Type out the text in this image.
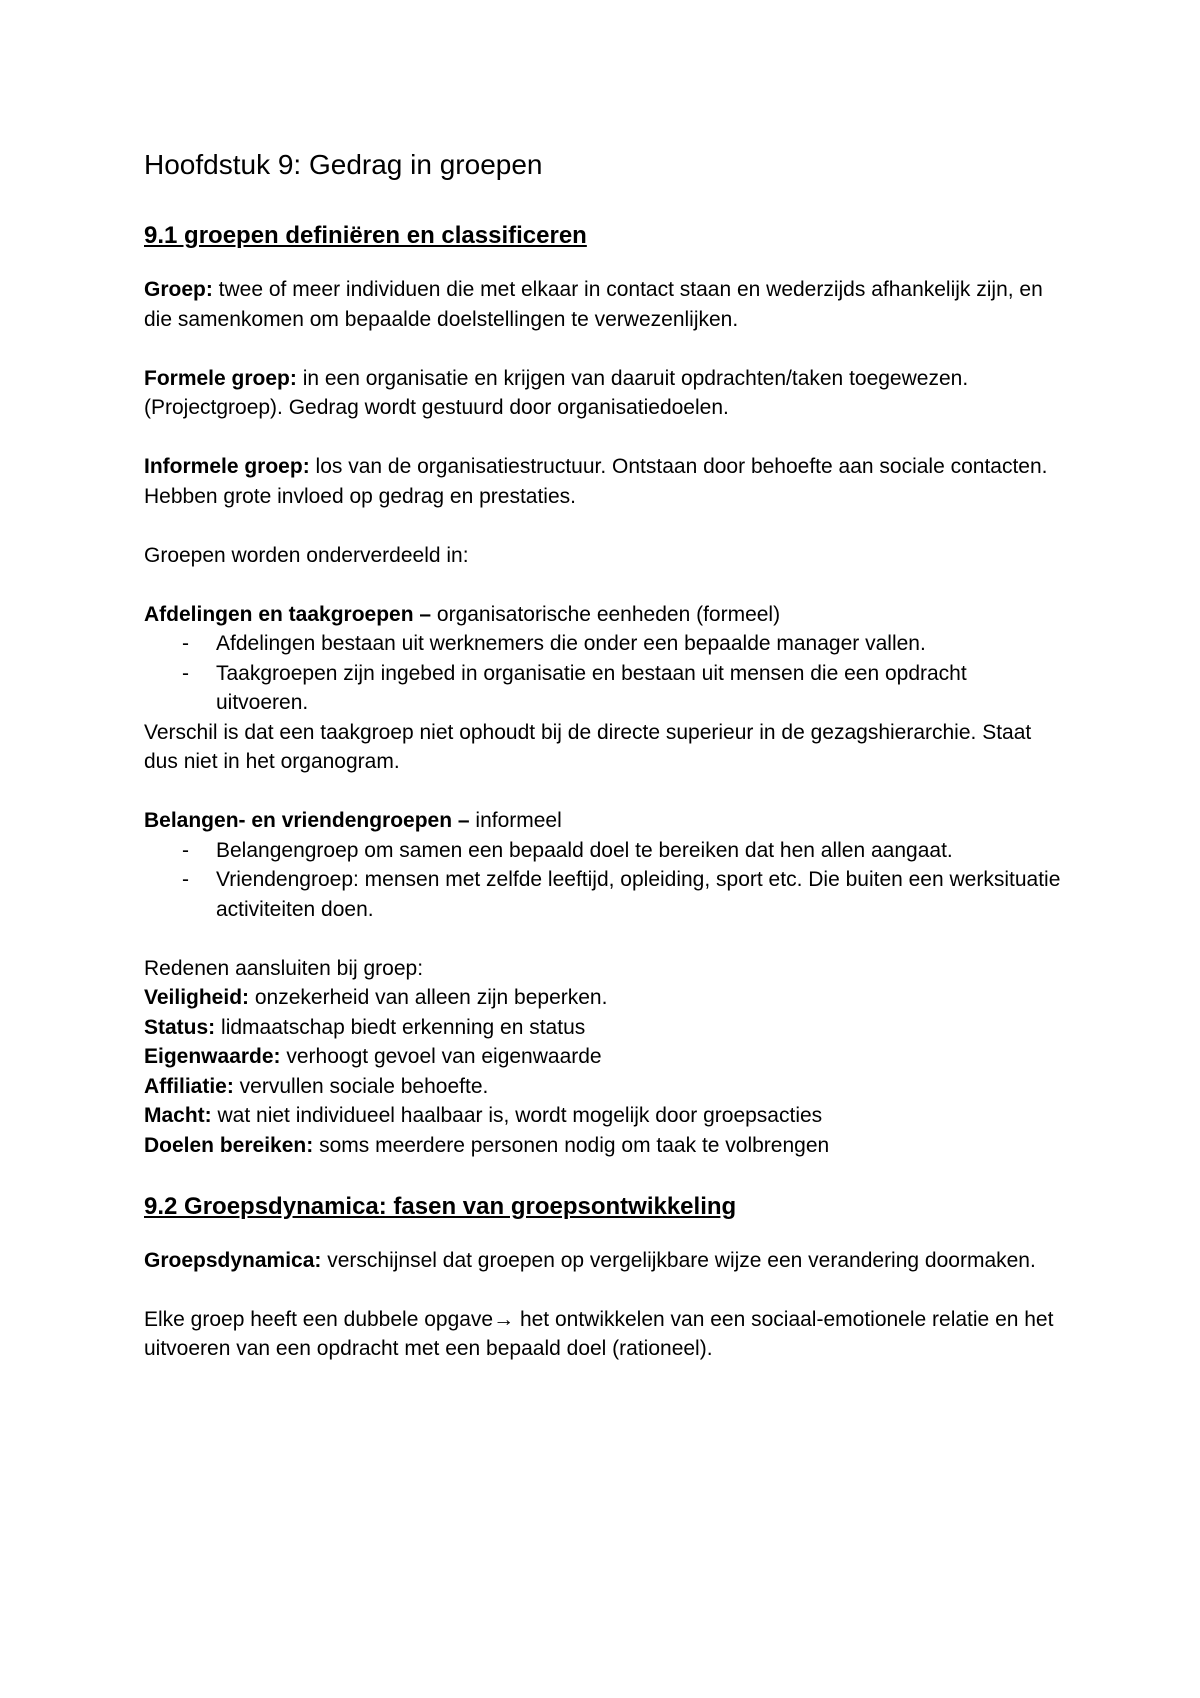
Hoofdstuk 9: Gedrag in groepen
9.1 groepen definiëren en classificeren

Groep: twee of meer individuen die met elkaar in contact staan en wederzijds afhankelijk zijn, en die samenkomen om bepaalde doelstellingen te verwezenlijken.

Formele groep: in een organisatie en krijgen van daaruit opdrachten/taken toegewezen. (Projectgroep). Gedrag wordt gestuurd door organisatiedoelen.

Informele groep: los van de organisatiestructuur. Ontstaan door behoefte aan sociale contacten. Hebben grote invloed op gedrag en prestaties.

Groepen worden onderverdeeld in:

Afdelingen en taakgroepen – organisatorische eenheden (formeel)

- Afdelingen bestaan uit werknemers die onder een bepaalde manager vallen.
- Taakgroepen zijn ingebed in organisatie en bestaan uit mensen die een opdracht uitvoeren.

Verschil is dat een taakgroep niet ophoudt bij de directe superieur in de gezagshierarchie. Staat dus niet in het organogram.

Belangen- en vriendengroepen – informeel

- Belangengroep om samen een bepaald doel te bereiken dat hen allen aangaat.
- Vriendengroep: mensen met zelfde leeftijd, opleiding, sport etc. Die buiten een werksituatie activiteiten doen.
Redenen aansluiten bij groep:
Veiligheid: onzekerheid van alleen zijn beperken.
Status: lidmaatschap biedt erkenning en status
Eigenwaarde: verhoogt gevoel van eigenwaarde
Affiliatie: vervullen sociale behoefte.
Macht: wat niet individueel haalbaar is, wordt mogelijk door groepsacties
Doelen bereiken: soms meerdere personen nodig om taak te volbrengen
9.2 Groepsdynamica: fasen van groepsontwikkeling

Groepsdynamica: verschijnsel dat groepen op vergelijkbare wijze een verandering doormaken.

Elke groep heeft een dubbele opgave→ het ontwikkelen van een sociaal-emotionele relatie en het uitvoeren van een opdracht met een bepaald doel (rationeel).
